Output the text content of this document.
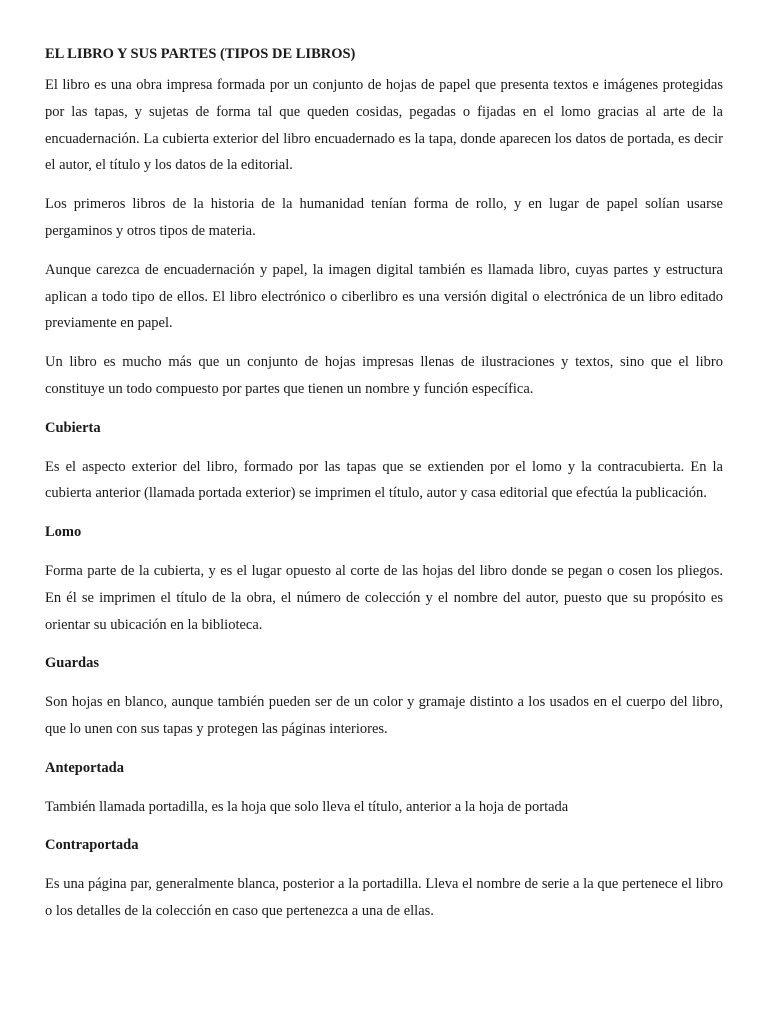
EL LIBRO Y SUS PARTES (TIPOS DE LIBROS)

El libro es una obra impresa formada por un conjunto de hojas de papel que presenta textos e imágenes protegidas por las tapas, y sujetas de forma tal que queden cosidas, pegadas o fijadas en el lomo gracias al arte de la encuadernación. La cubierta exterior del libro encuadernado es la tapa, donde aparecen los datos de portada, es decir el autor, el título y los datos de la editorial.

Los primeros libros de la historia de la humanidad tenían forma de rollo, y en lugar de papel solían usarse pergaminos y otros tipos de materia.

Aunque carezca de encuadernación y papel, la imagen digital también es llamada libro, cuyas partes y estructura aplican a todo tipo de ellos. El libro electrónico o ciberlibro es una versión digital o electrónica de un libro editado previamente en papel.

Un libro es mucho más que un conjunto de hojas impresas llenas de ilustraciones y textos, sino que el libro constituye un todo compuesto por partes que tienen un nombre y función específica.

Cubierta

Es el aspecto exterior del libro, formado por las tapas que se extienden por el lomo y la contracubierta. En la cubierta anterior (llamada portada exterior) se imprimen el título, autor y casa editorial que efectúa la publicación.

Lomo

Forma parte de la cubierta, y es el lugar opuesto al corte de las hojas del libro donde se pegan o cosen los pliegos. En él se imprimen el título de la obra, el número de colección y el nombre del autor, puesto que su propósito es orientar su ubicación en la biblioteca.

Guardas

Son hojas en blanco, aunque también pueden ser de un color y gramaje distinto a los usados en el cuerpo del libro, que lo unen con sus tapas y protegen las páginas interiores.

Anteportada

También llamada portadilla, es la hoja que solo lleva el título, anterior a la hoja de portada

Contraportada

Es una página par, generalmente blanca, posterior a la portadilla. Lleva el nombre de serie a la que pertenece el libro o los detalles de la colección en caso que pertenezca a una de ellas.
